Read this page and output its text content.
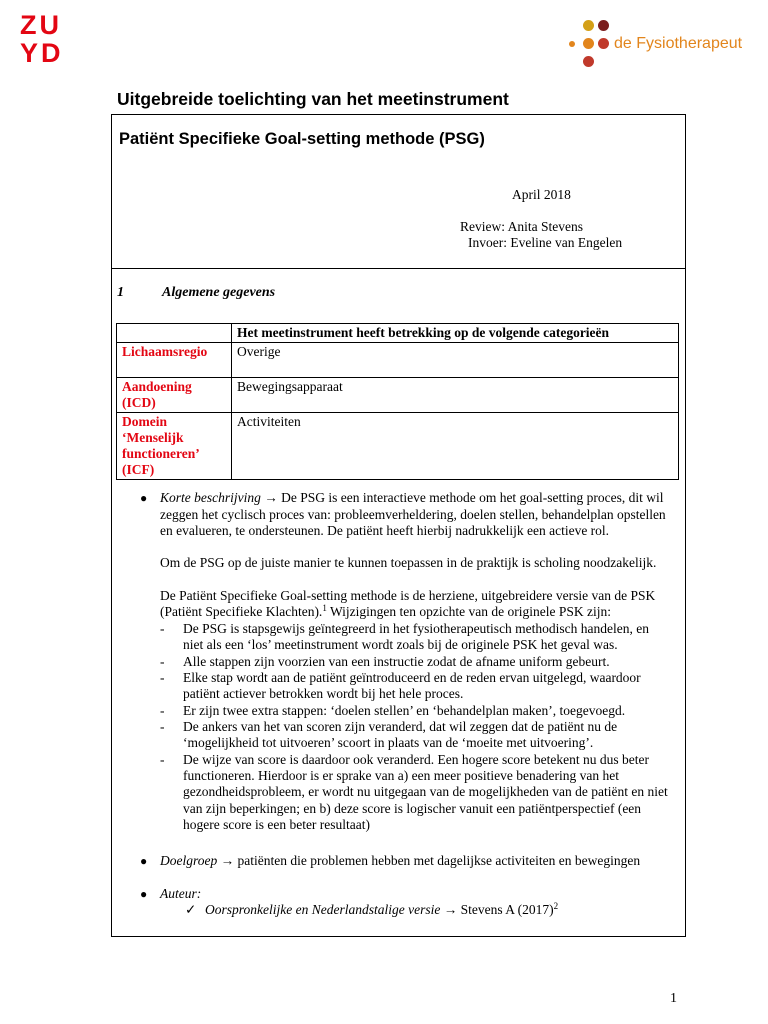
ZU
YD	de Fysiotherapeut
Uitgebreide toelichting van het meetinstrument
Patiënt Specifieke Goal-setting methode (PSG)
April 2018
Review: Anita Stevens
Invoer: Eveline van Engelen
1	Algemene gegevens
	Het meetinstrument heeft betrekking op de volgende categorieën
Lichaamsregio	Overige
Aandoening (ICD)	Bewegingsapparaat
Domein ‘Menselijk functioneren’ (ICF)	Activiteiten
● Korte beschrijving → De PSG is een interactieve methode om het goal-setting proces, dit wil
zeggen het cyclisch proces van: probleemverheldering, doelen stellen, behandelplan opstellen
en evalueren, te ondersteunen. De patiënt heeft hierbij nadrukkelijk een actieve rol.
Om de PSG op de juiste manier te kunnen toepassen in de praktijk is scholing noodzakelijk.
De Patiënt Specifieke Goal-setting methode is de herziene, uitgebreidere versie van de PSK
(Patiënt Specifieke Klachten).$^1$ Wijzigingen ten opzichte van de originele PSK zijn:
- De PSG is stapsgewijs geïntegreerd in het fysiotherapeutisch methodisch handelen, en
niet als een ‘los’ meetinstrument wordt zoals bij de originele PSK het geval was.
- Alle stappen zijn voorzien van een instructie zodat de afname uniform gebeurt.
- Elke stap wordt aan de patiënt geïntroduceerd en de reden ervan uitgelegd, waardoor
patiënt actiever betrokken wordt bij het hele proces.
- Er zijn twee extra stappen: ‘doelen stellen’ en ‘behandelplan maken’, toegevoegd.
- De ankers van het van scoren zijn veranderd, dat wil zeggen dat de patiënt nu de
‘mogelijkheid tot uitvoeren’ scoort in plaats van de ‘moeite met uitvoering’.
- De wijze van score is daardoor ook veranderd. Een hogere score betekent nu dus beter
functioneren. Hierdoor is er sprake van a) een meer positieve benadering van het
gezondheidsprobleem, er wordt nu uitgegaan van de mogelijkheden van de patiënt en niet
van zijn beperkingen; en b) deze score is logischer vanuit een patiëntperspectief (een
hogere score is een beter resultaat)
● Doelgroep → patiënten die problemen hebben met dagelijkse activiteiten en bewegingen
● Auteur:
✓ Oorspronkelijke en Nederlandstalige versie → Stevens A $(2017)^2$
1
